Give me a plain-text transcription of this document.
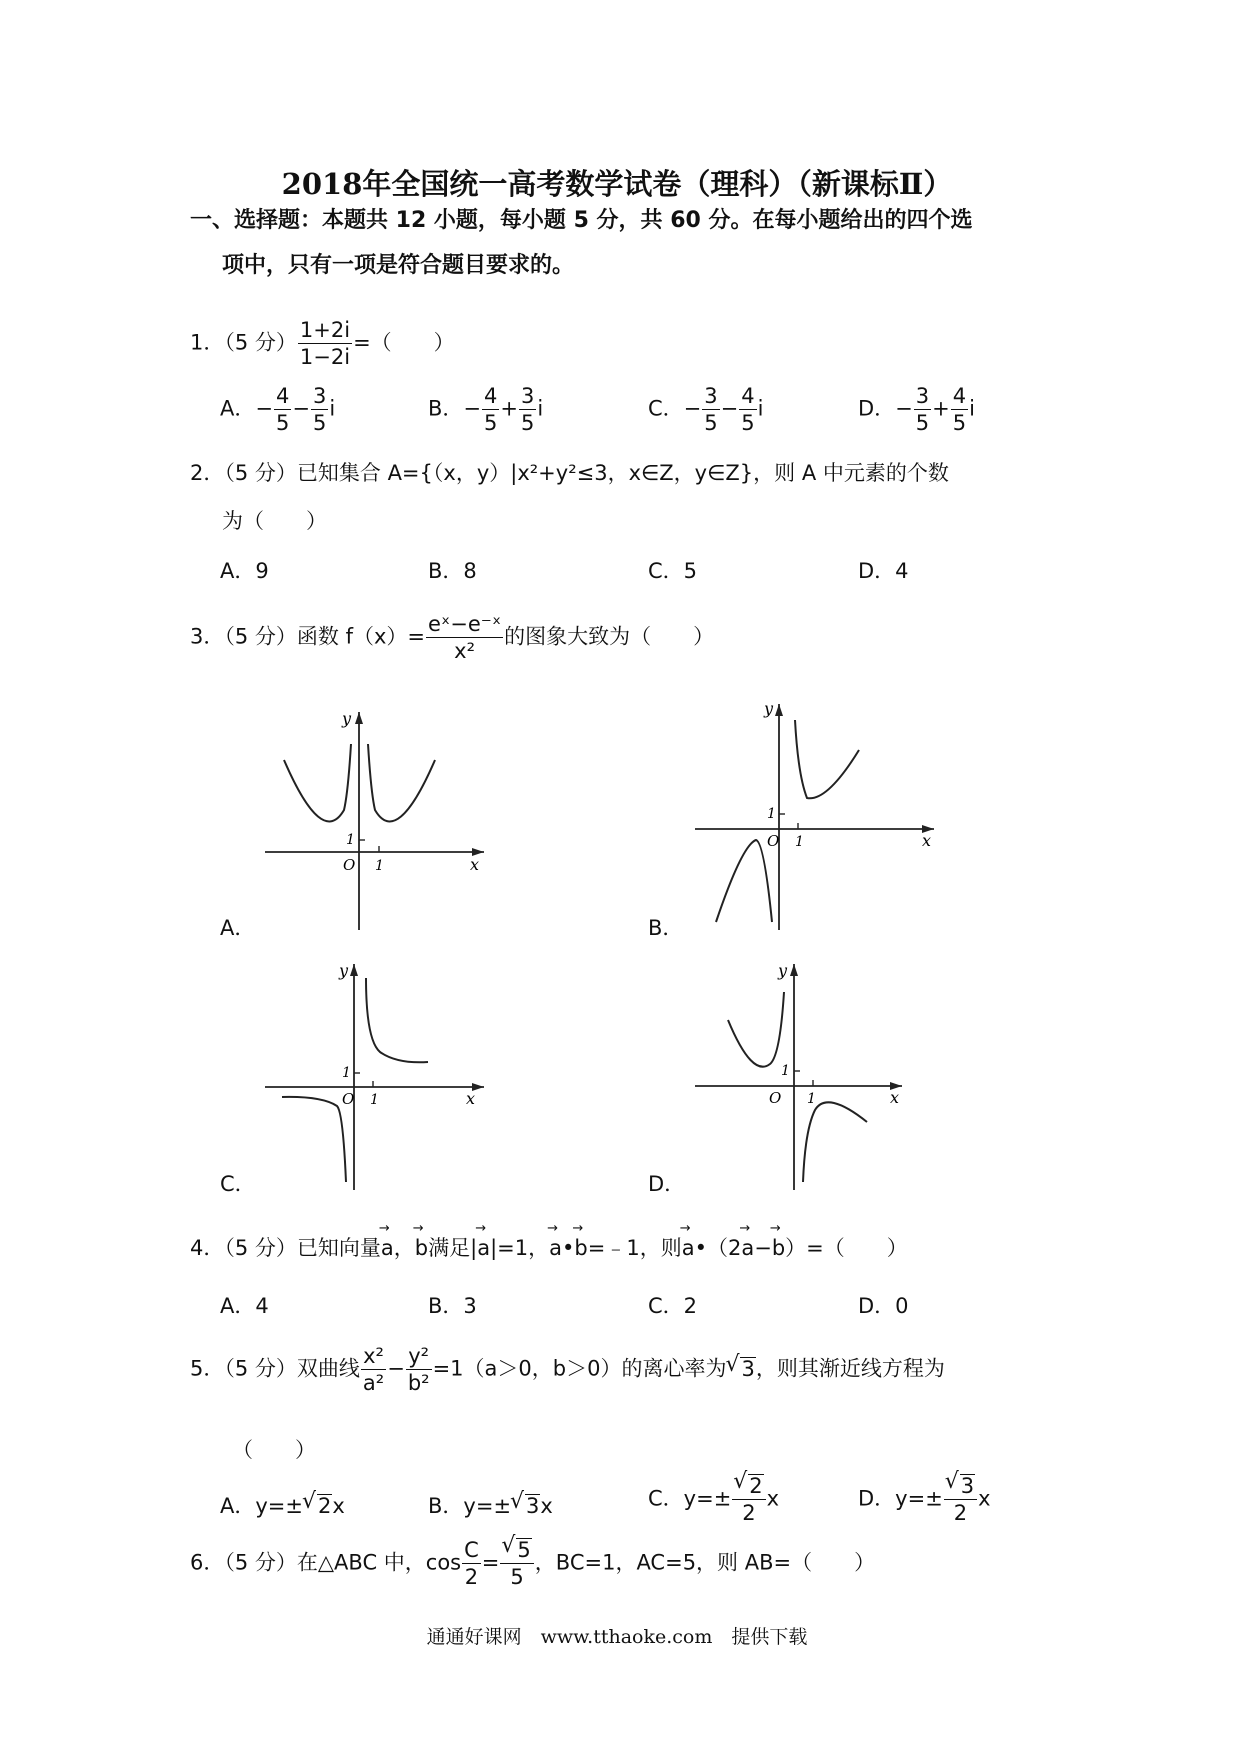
2018年全国统一高考数学试卷（理科）（新课标Ⅱ）
一、选择题：本题共 12 小题，每小题 5 分，共 60 分。在每小题给出的四个选
项中，只有一项是符合题目要求的。
1．（5 分） $\frac{1+2i}{1-2i}$ =（　　）
A．− $\frac{4}{5} - \frac{3}{5}$ i	B．− $\frac{4}{5} + \frac{3}{5}$ i	C．− $\frac{3}{5} - \frac{4}{5}$ i	D．− $\frac{3}{5} + \frac{4}{5}$ i
2．（5 分）已知集合 A={（x，y）|x²+y²≤3，x∈Z，y∈Z}，则 A 中元素的个数
为（　　）
A．9	B．8	C．5	D．4
3．（5 分）函数 $f(x)= \frac{\text{eˣ−e⁻ˣ}}{\text{x²}}$ 的图象大致为（　　）
y
1
O 1	x
A．
y
1
O 1	x
B．
y
1
O 1	x
C．
y
1
O 1	x
D．
4．（5 分）已知向量→ a，→ b满足|→ a|=1，→ a•→ b=﹣1，则→ a•（2→ a−→ b）=（　　）
A．4	B．3	C．2	D．0
5．（5 分）双曲线 $\frac{\text{x²}}{\text{a²}} - \frac{\text{y²}}{\text{b²}} =1(a>0$，b＞0）的离心率为 √ 3，则其渐近线方程为
（　　）
A．y=± √ 2x	B．y=± √ 3x	C．y=± √ $\frac{2}{2}$ x	D．y=± √ $\frac{3}{2}$ x
6．（5 分）在△ABC 中，$\cos \frac{C}{2}$ = √ $\frac{5}{5}$ ，BC=1，AC=5，则 AB=（　　）
通通好课网　www.tthaoke.com　提供下载
